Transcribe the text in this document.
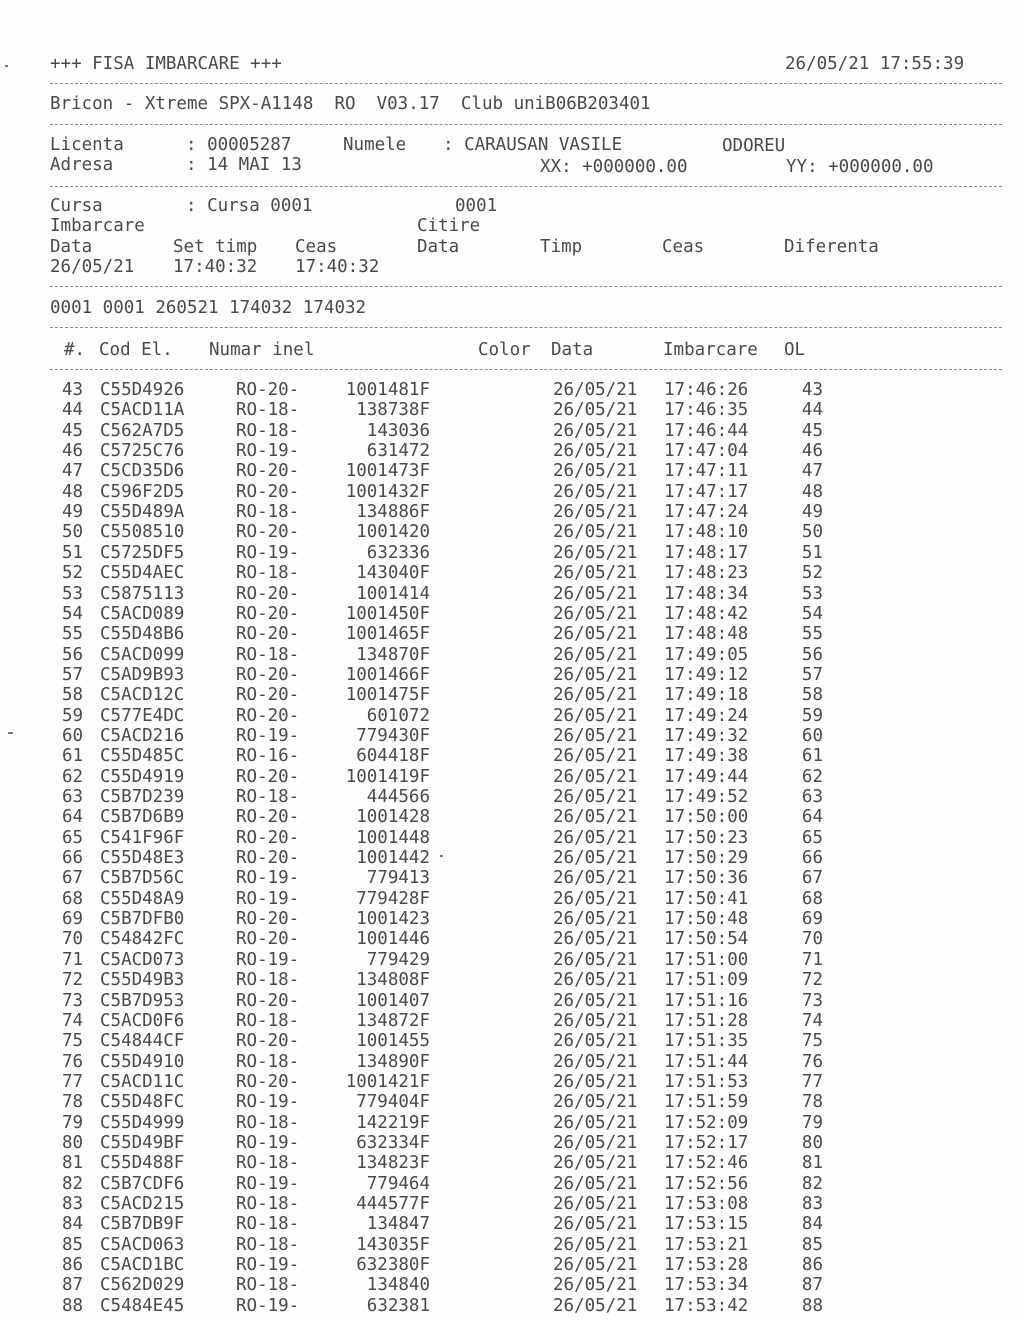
+++ FISA IMBARCARE +++	26/05/21 17:55:39
Bricon - Xtreme SPX-A1148  RO  V03.17  Club uniB06B203401
Licenta	: 00005287	Numele : CARAUSAN VASILE	ODOREU
Adresa	: 14 MAI 13	XX: +000000.00	YY: +000000.00
Cursa	: Cursa 0001	0001
Imbarcare	Citire
Data	Set timp Ceas	Data	Timp	Ceas	Diferenta
26/05/21 17:40:32 17:40:32
0001 0001 260521 174032 174032
#. Cod El. Numar inel	Color Data	Imbarcare OL
43 C55D4926	RO-20-	1001481F	26/05/21 17:46:26	43
44 C5ACD11A	RO-18-	138738F	26/05/21 17:46:35	44
45 C562A7D5	RO-18-	143036	26/05/21 17:46:44	45
46 C5725C76	RO-19-	631472	26/05/21 17:47:04	46
47 C5CD35D6	RO-20-	1001473F	26/05/21 17:47:11	47
48 C596F2D5	RO-20-	1001432F	26/05/21 17:47:17	48
49 C55D489A	RO-18-	134886F	26/05/21 17:47:24	49
50 C5508510	RO-20-	1001420	26/05/21 17:48:10	50
51 C5725DF5	RO-19-	632336	26/05/21 17:48:17	51
52 C55D4AEC	RO-18-	143040F	26/05/21 17:48:23	52
53 C5875113	RO-20-	1001414	26/05/21 17:48:34	53
54 C5ACD089	RO-20-	1001450F	26/05/21 17:48:42	54
55 C55D48B6	RO-20-	1001465F	26/05/21 17:48:48	55
56 C5ACD099	RO-18-	134870F	26/05/21 17:49:05	56
57 C5AD9B93	RO-20-	1001466F	26/05/21 17:49:12	57
58 C5ACD12C	RO-20-	1001475F	26/05/21 17:49:18	58
59 C577E4DC	RO-20-	601072	26/05/21 17:49:24	59
60 C5ACD216	RO-19-	779430F	26/05/21 17:49:32	60
61 C55D485C	RO-16-	604418F	26/05/21 17:49:38	61
62 C55D4919	RO-20-	1001419F	26/05/21 17:49:44	62
63 C5B7D239	RO-18-	444566	26/05/21 17:49:52	63
64 C5B7D6B9	RO-20-	1001428	26/05/21 17:50:00	64
65 C541F96F	RO-20-	1001448	26/05/21 17:50:23	65
66 C55D48E3	RO-20-	1001442	26/05/21 17:50:29	66
67 C5B7D56C	RO-19-	779413	26/05/21 17:50:36	67
68 C55D48A9	RO-19-	779428F	26/05/21 17:50:41	68
69 C5B7DFB0	RO-20-	1001423	26/05/21 17:50:48	69
70 C54842FC	RO-20-	1001446	26/05/21 17:50:54	70
71 C5ACD073	RO-19-	779429	26/05/21 17:51:00	71
72 C55D49B3	RO-18-	134808F	26/05/21 17:51:09	72
73 C5B7D953	RO-20-	1001407	26/05/21 17:51:16	73
74 C5ACD0F6	RO-18-	134872F	26/05/21 17:51:28	74
75 C54844CF	RO-20-	1001455	26/05/21 17:51:35	75
76 C55D4910	RO-18-	134890F	26/05/21 17:51:44	76
77 C5ACD11C	RO-20-	1001421F	26/05/21 17:51:53	77
78 C55D48FC	RO-19-	779404F	26/05/21 17:51:59	78
79 C55D4999	RO-18-	142219F	26/05/21 17:52:09	79
80 C55D49BF	RO-19-	632334F	26/05/21 17:52:17	80
81 C55D488F	RO-18-	134823F	26/05/21 17:52:46	81
82 C5B7CDF6	RO-19-	779464	26/05/21 17:52:56	82
83 C5ACD215	RO-18-	444577F	26/05/21 17:53:08	83
84 C5B7DB9F	RO-18-	134847	26/05/21 17:53:15	84
85 C5ACD063	RO-18-	143035F	26/05/21 17:53:21	85
86 C5ACD1BC	RO-19-	632380F	26/05/21 17:53:28	86
87 C562D029	RO-18-	134840	26/05/21 17:53:34	87
88 C5484E45	RO-19-	632381	26/05/21 17:53:42	88
